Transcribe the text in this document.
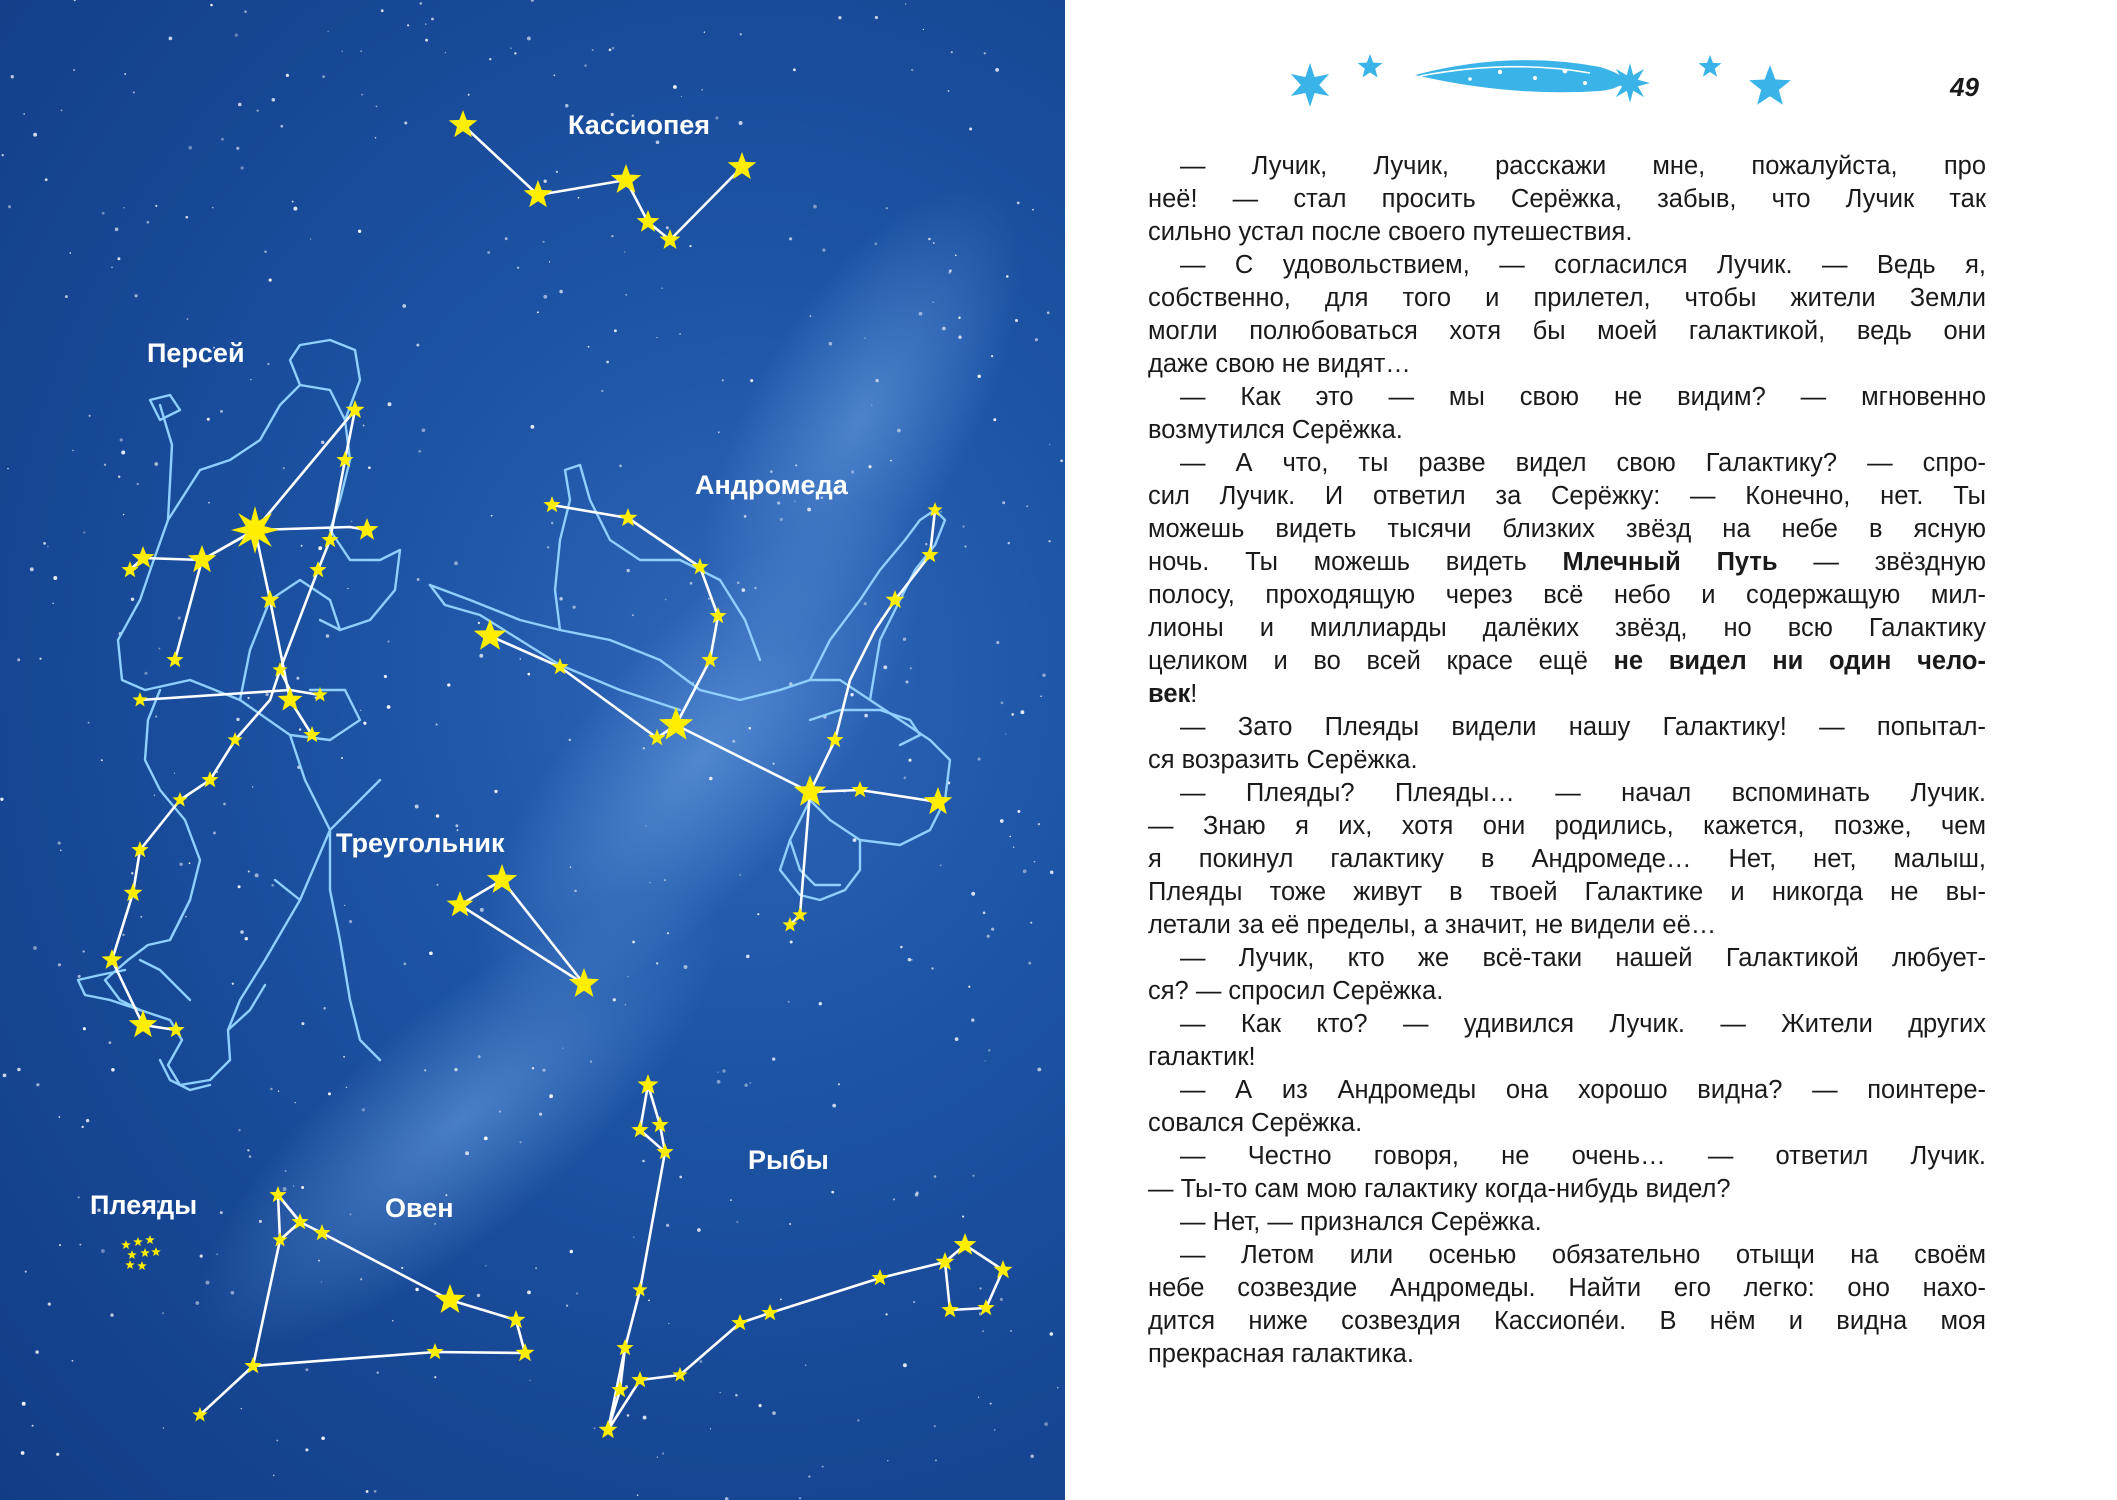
Кассиопея
Персей
Андромеда
Треугольник
Рыбы
Плеяды	Овен
49
— Лучик, Лучик, расскажи мне, пожалуйста, про
неё! — стал просить Серёжка, забыв, что Лучик так
сильно устал после своего путешествия.
— С удовольствием, — согласился Лучик. — Ведь я,
собственно, для того и прилетел, чтобы жители Земли
могли полюбоваться хотя бы моей галактикой, ведь они
даже свою не видят…
— Как это — мы свою не видим? — мгновенно
возмутился Серёжка.
— А что, ты разве видел свою Галактику? — спро-
сил Лучик. И ответил за Серёжку: — Конечно, нет. Ты
можешь видеть тысячи близких звёзд на небе в ясную
ночь. Ты можешь видеть Млечный Путь — звёздную
полосу, проходящую через всё небо и содержащую мил-
лионы и миллиарды далёких звёзд, но всю Галактику
целиком и во всей красе ещё не видел ни один чело-
век!
— Зато Плеяды видели нашу Галактику! — попытал-
ся возразить Серёжка.
— Плеяды? Плеяды… — начал вспоминать Лучик.
— Знаю я их, хотя они родились, кажется, позже, чем
я покинул галактику в Андромеде… Нет, нет, малыш,
Плеяды тоже живут в твоей Галактике и никогда не вы-
летали за её пределы, а значит, не видели её…
— Лучик, кто же всё-таки нашей Галактикой любует-
ся? — спросил Серёжка.
— Как кто? — удивился Лучик. — Жители других
галактик!
— А из Андромеды она хорошо видна? — поинтере-
совался Серёжка.
— Честно говоря, не очень… — ответил Лучик.
— Ты-то сам мою галактику когда-нибудь видел?
— Нет, — признался Серёжка.
— Летом или осенью обязательно отыщи на своём
небе созвездие Андромеды. Найти его легко: оно нахо-
дится ниже созвездия Кассиопéи. В нём и видна моя
прекрасная галактика.
